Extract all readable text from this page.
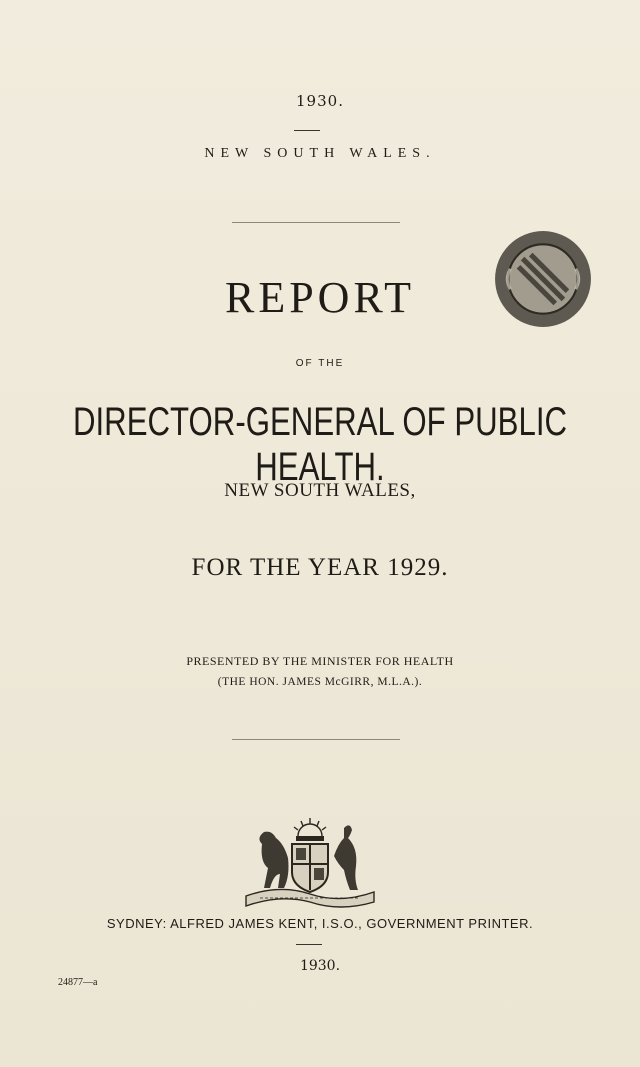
1930.
NEW SOUTH WALES.
REPORT
OF THE
DIRECTOR-GENERAL OF PUBLIC HEALTH.
NEW SOUTH WALES,
FOR THE YEAR 1929.
PRESENTED BY THE MINISTER FOR HEALTH
(THE HON. JAMES McGIRR, M.L.A.).
SYDNEY: ALFRED JAMES KENT, I.S.O., GOVERNMENT PRINTER.
1930.
24877—a
